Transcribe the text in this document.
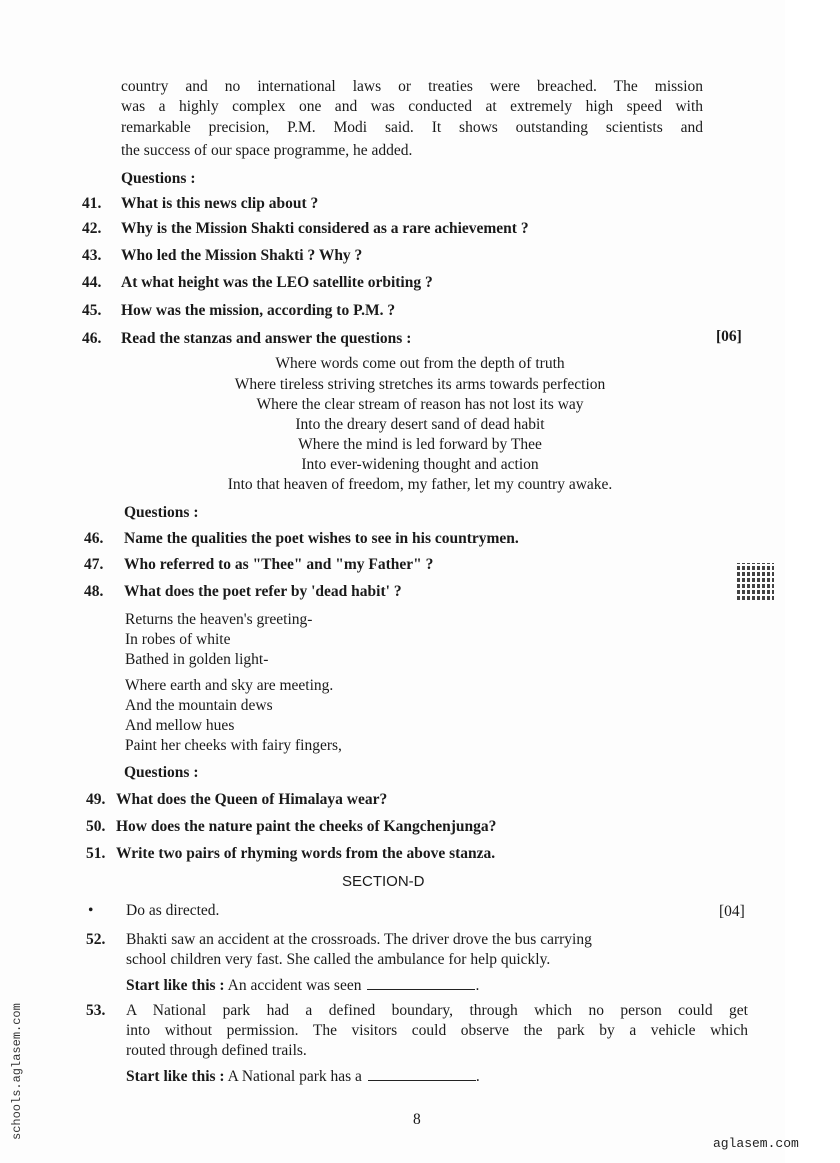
country and no international laws or treaties were breached. The mission
was a highly complex one and was conducted at extremely high speed with
remarkable precision, P.M. Modi said. It shows outstanding scientists and
the success of our space programme, he added.
Questions :
41. What is this news clip about ?
42. Why is the Mission Shakti considered as a rare achievement ?
43. Who led the Mission Shakti ? Why ?
44. At what height was the LEO satellite orbiting ?
45. How was the mission, according to P.M. ?
46. Read the stanzas and answer the questions :	[06]
Where words come out from the depth of truth
Where tireless striving stretches its arms towards perfection
Where the clear stream of reason has not lost its way
Into the dreary desert sand of dead habit
Where the mind is led forward by Thee
Into ever-widening thought and action
Into that heaven of freedom, my father, let my country awake.
Questions :
46. Name the qualities the poet wishes to see in his countrymen.
47. Who referred to as "Thee" and "my Father" ?
48. What does the poet refer by 'dead habit' ?
Returns the heaven's greeting-
In robes of white
Bathed in golden light-
Where earth and sky are meeting.
And the mountain dews
And mellow hues
Paint her cheeks with fairy fingers,
Questions :
49. What does the Queen of Himalaya wear?
50. How does the nature paint the cheeks of Kangchenjunga?
51. Write two pairs of rhyming words from the above stanza.
SECTION-D
• Do as directed.	[04]
52. Bhakti saw an accident at the crossroads. The driver drove the bus carrying
school children very fast. She called the ambulance for help quickly.
Start like this : An accident was seen	.
53. A National park had a defined boundary, through which no person could get
into without permission. The visitors could observe the park by a vehicle which
routed through defined trails.
Start like this : A National park has a	.
8
aglasem.com
schools.aglasem.com
